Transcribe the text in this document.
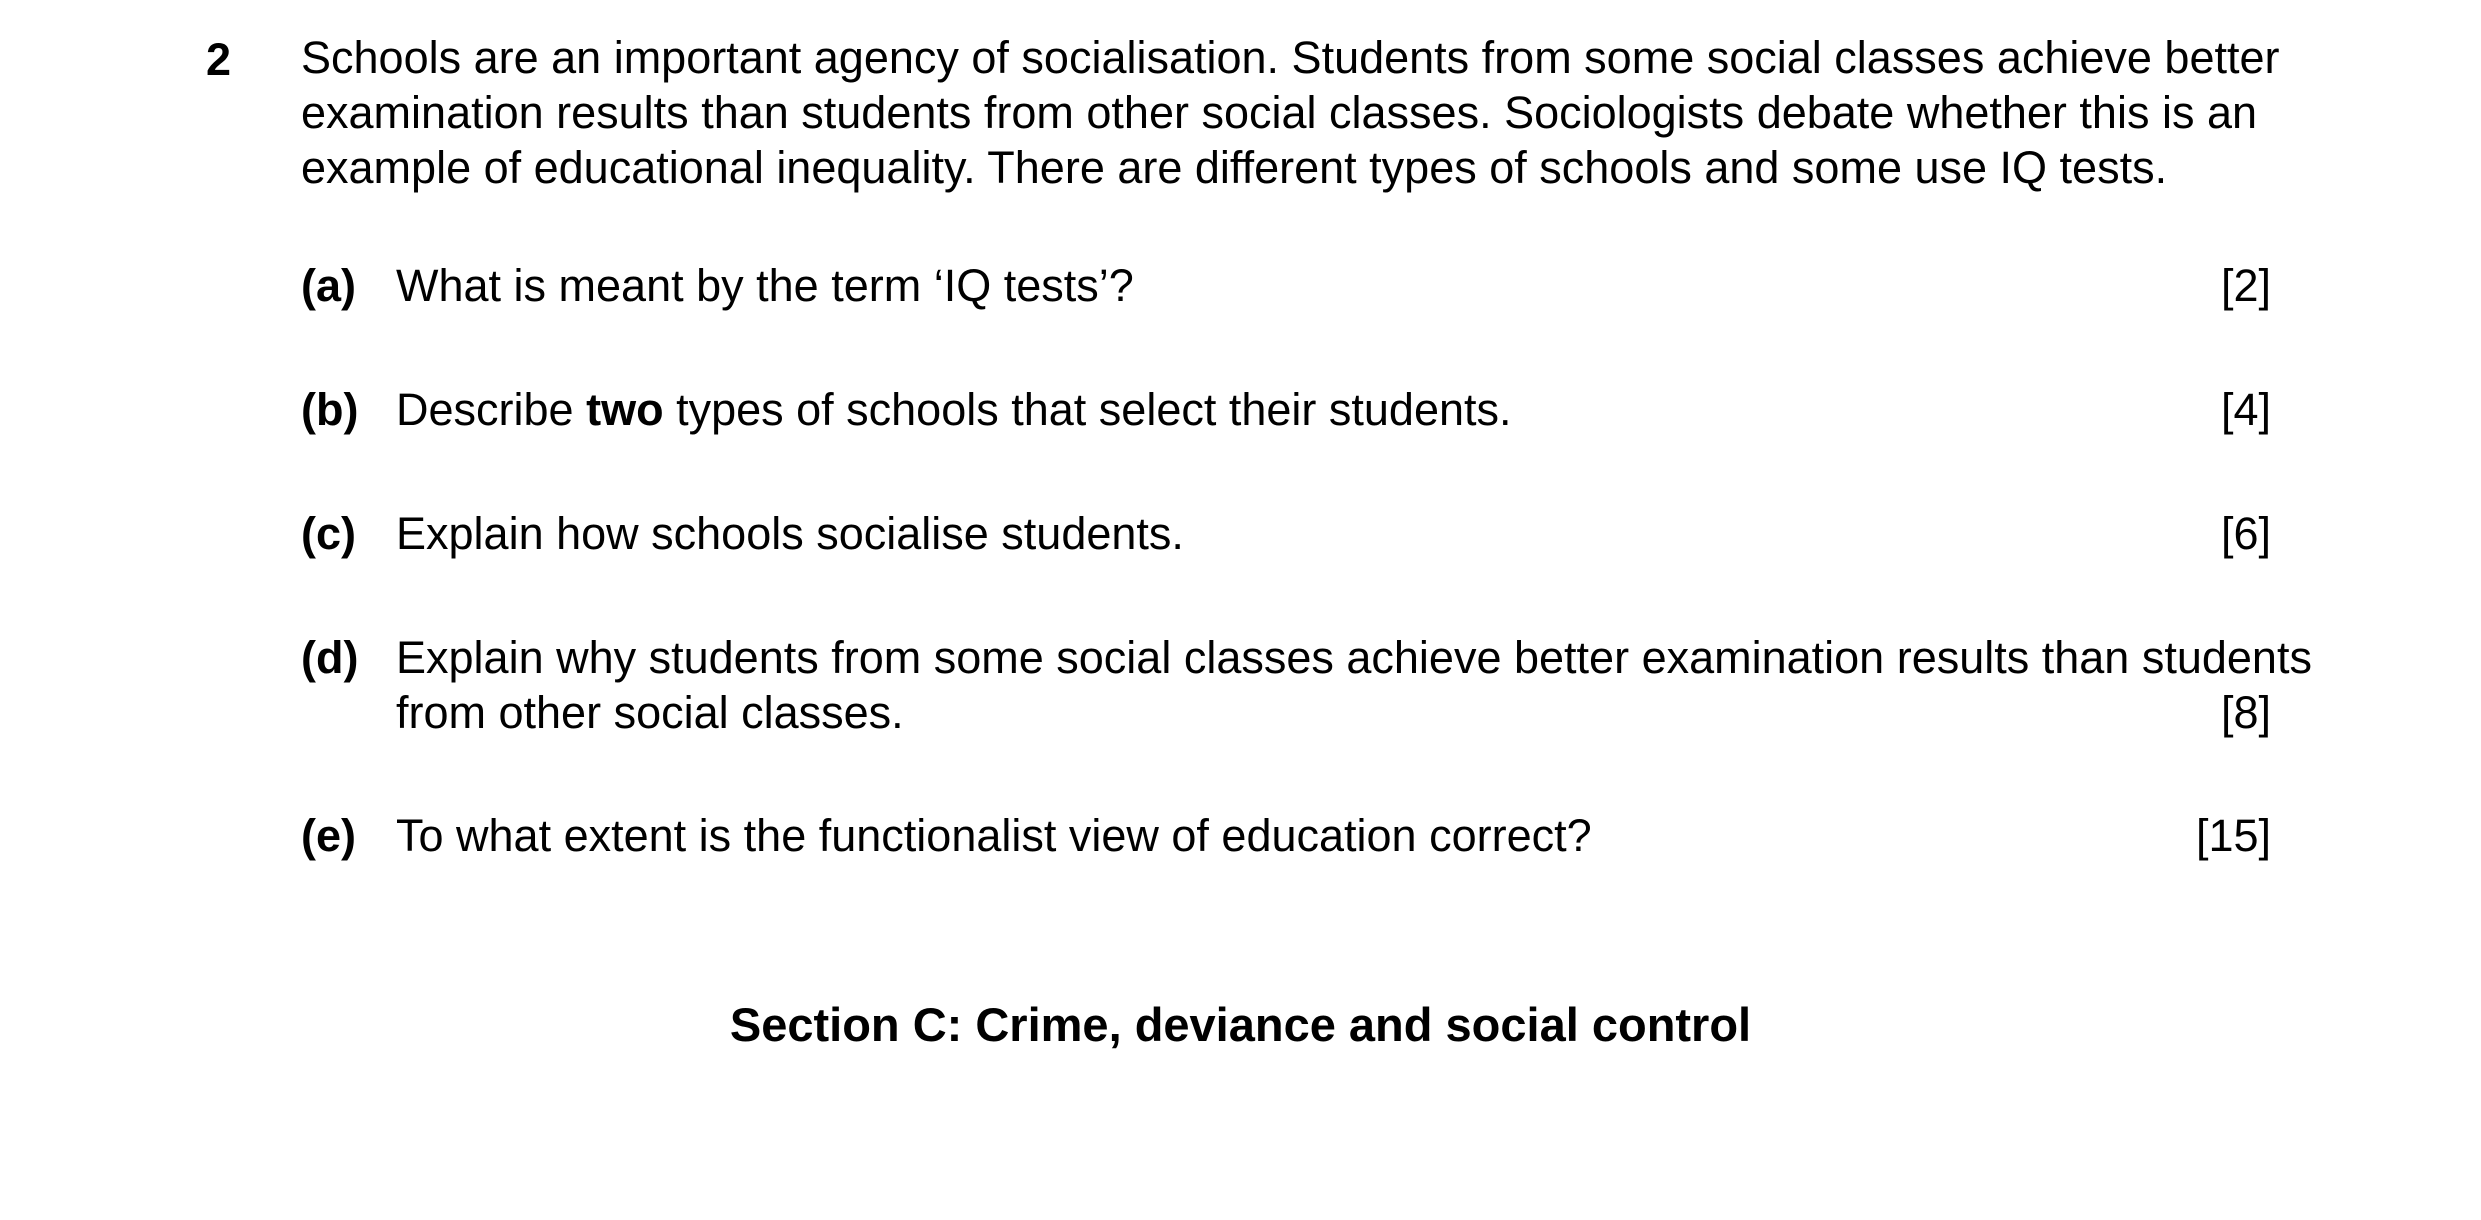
2 Schools are an important agency of socialisation. Students from some social classes achieve better
examination results than students from other social classes. Sociologists debate whether this is an
example of educational inequality. There are different types of schools and some use IQ tests.
(a) What is meant by the term ‘IQ tests’?	[2]
(b) Describe two types of schools that select their students.	[4]
(c) Explain how schools socialise students.	[6]
(d) Explain why students from some social classes achieve better examination results than students
from other social classes.	[8]
(e) To what extent is the functionalist view of education correct?	[15]
Section C: Crime, deviance and social control
